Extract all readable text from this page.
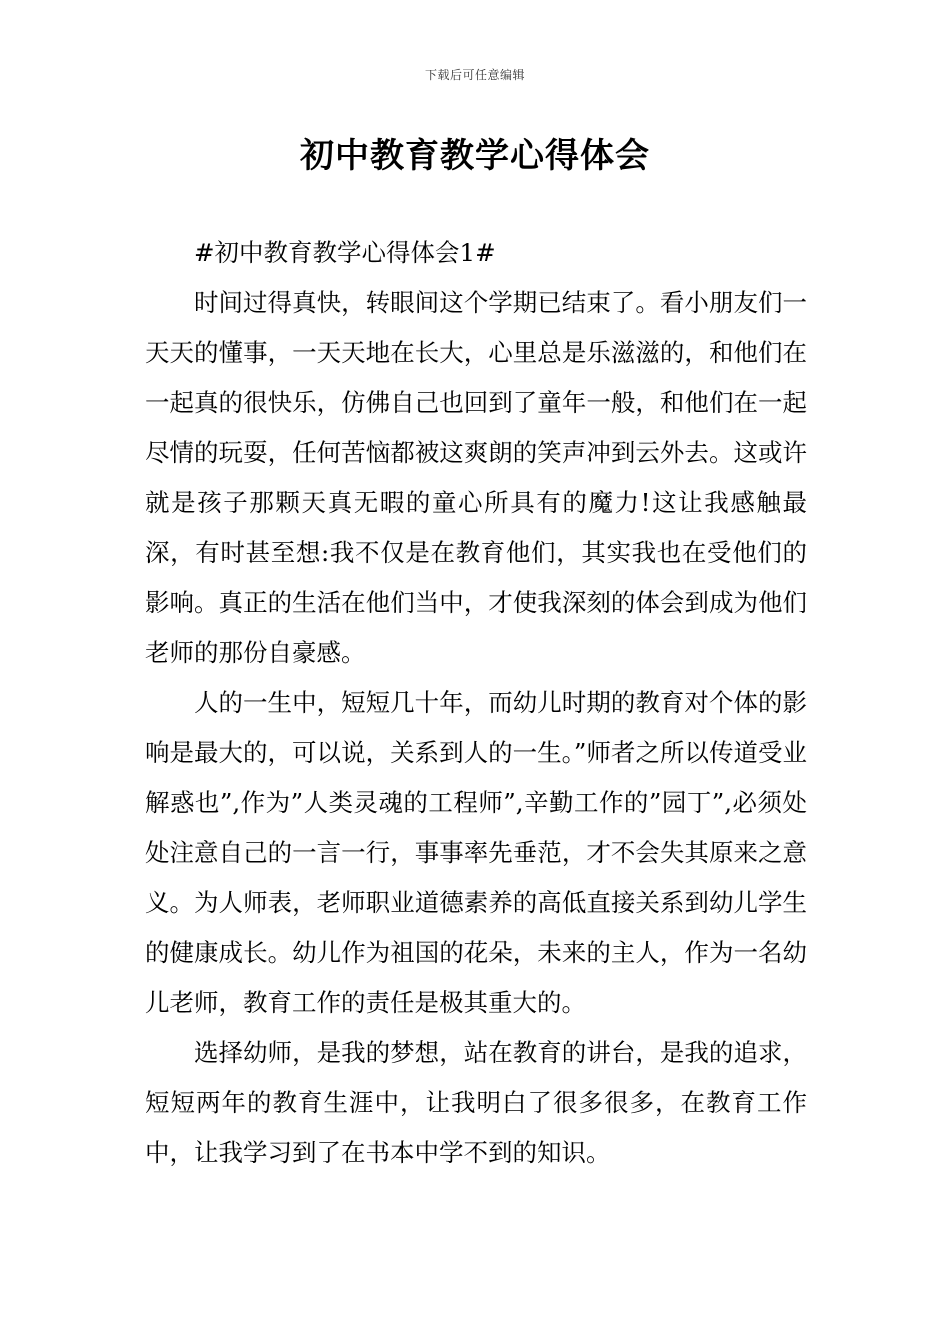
下载后可任意编辑
初中教育教学心得体会

#初中教育教学心得体会1#

时间过得真快，转眼间这个学期已结束了。看小朋友们一天天的懂事，一天天地在长大，心里总是乐滋滋的，和他们在一起真的很快乐，仿佛自己也回到了童年一般，和他们在一起尽情的玩耍，任何苦恼都被这爽朗的笑声冲到云外去。这或许就是孩子那颗天真无暇的童心所具有的魔力!这让我感触最深，有时甚至想:我不仅是在教育他们，其实我也在受他们的影响。真正的生活在他们当中，才使我深刻的体会到成为他们老师的那份自豪感。

人的一生中，短短几十年，而幼儿时期的教育对个体的影响是最大的，可以说，关系到人的一生。”师者之所以传道受业解惑也”,作为”人类灵魂的工程师”,辛勤工作的”园丁”,必须处处注意自己的一言一行，事事率先垂范，才不会失其原来之意义。为人师表，老师职业道德素养的高低直接关系到幼儿学生的健康成长。幼儿作为祖国的花朵，未来的主人，作为一名幼儿老师，教育工作的责任是极其重大的。

选择幼师，是我的梦想，站在教育的讲台，是我的追求，短短两年的教育生涯中，让我明白了很多很多，在教育工作中，让我学习到了在书本中学不到的知识。
